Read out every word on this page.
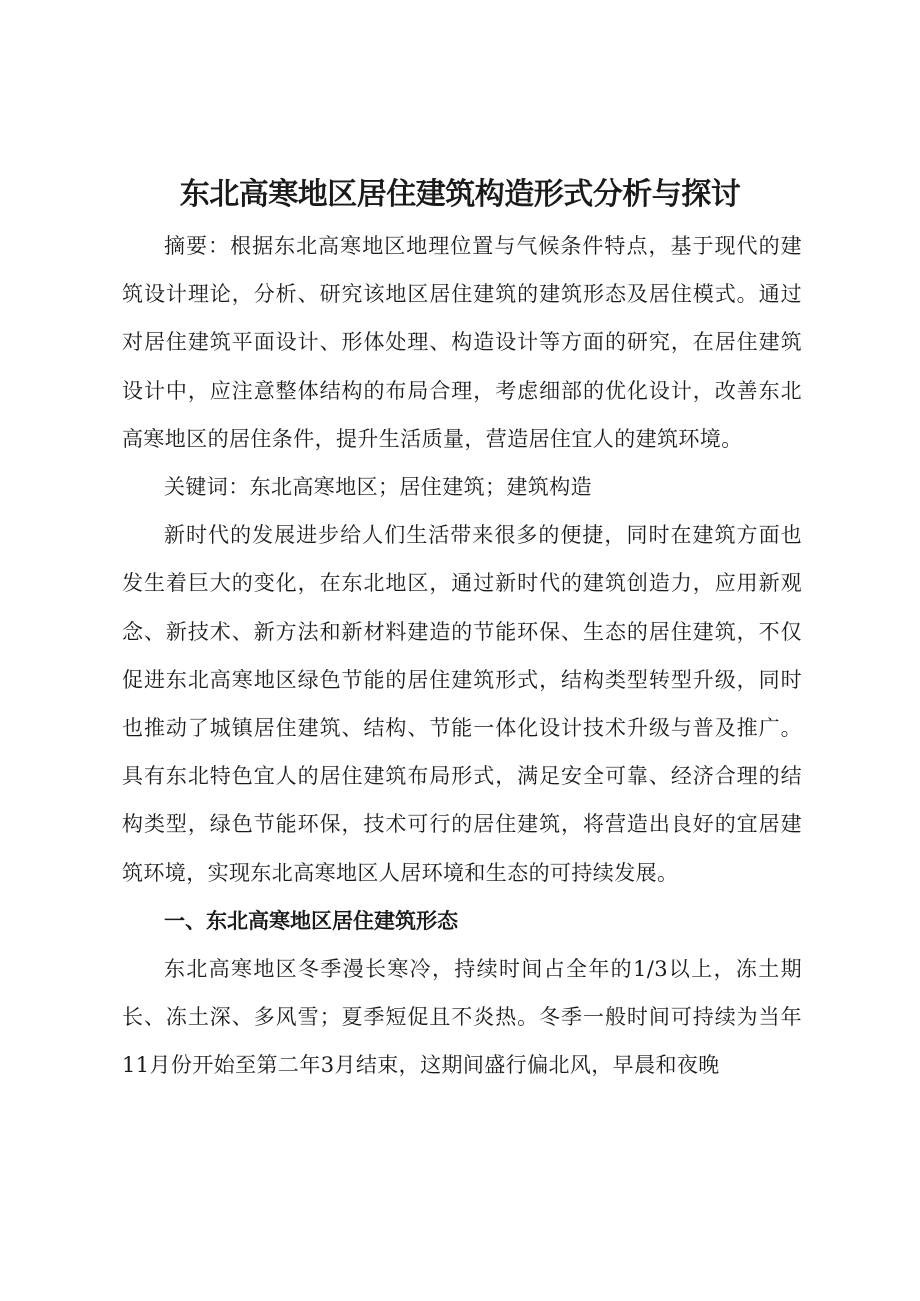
东北高寒地区居住建筑构造形式分析与探讨

摘要：根据东北高寒地区地理位置与气候条件特点，基于现代的建筑设计理论，分析、研究该地区居住建筑的建筑形态及居住模式。通过对居住建筑平面设计、形体处理、构造设计等方面的研究，在居住建筑设计中，应注意整体结构的布局合理，考虑细部的优化设计，改善东北高寒地区的居住条件，提升生活质量，营造居住宜人的建筑环境。

关键词：东北高寒地区；居住建筑；建筑构造

新时代的发展进步给人们生活带来很多的便捷，同时在建筑方面也发生着巨大的变化，在东北地区，通过新时代的建筑创造力，应用新观念、新技术、新方法和新材料建造的节能环保、生态的居住建筑，不仅促进东北高寒地区绿色节能的居住建筑形式，结构类型转型升级，同时也推动了城镇居住建筑、结构、节能一体化设计技术升级与普及推广。具有东北特色宜人的居住建筑布局形式，满足安全可靠、经济合理的结构类型，绿色节能环保，技术可行的居住建筑，将营造出良好的宜居建筑环境，实现东北高寒地区人居环境和生态的可持续发展。

一、东北高寒地区居住建筑形态

东北高寒地区冬季漫长寒冷，持续时间占全年的1/3以上，冻土期长、冻土深、多风雪；夏季短促且不炎热。冬季一般时间可持续为当年11月份开始至第二年3月结束，这期间盛行偏北风，早晨和夜晚
